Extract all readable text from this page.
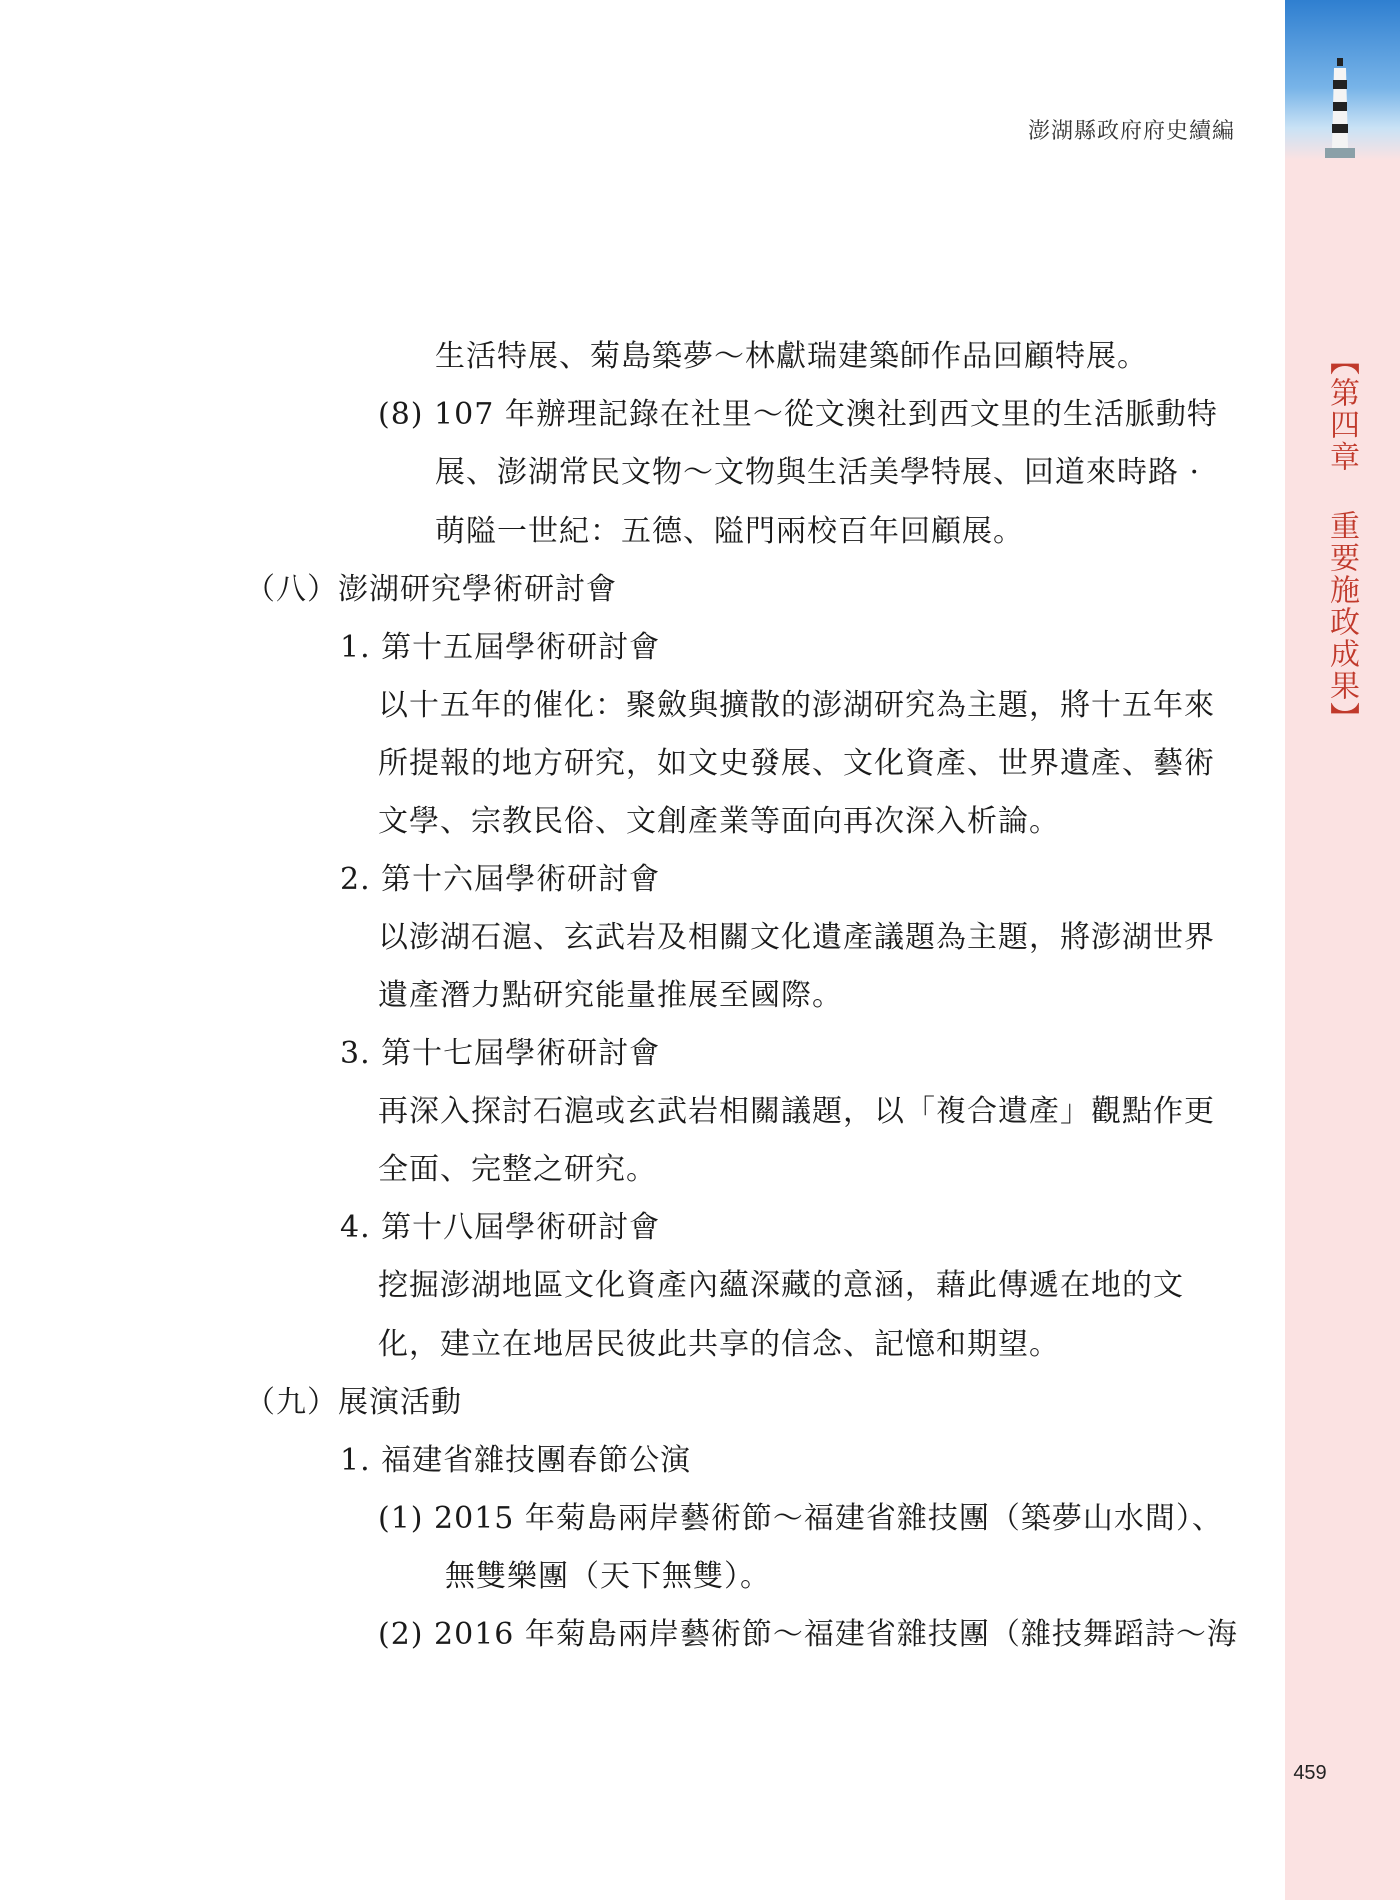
澎湖縣政府府史續編
【第四章 重要施政成果】
生活特展、菊島築夢～林獻瑞建築師作品回顧特展。
(8) 107 年辦理記錄在社里～從文澳社到西文里的生活脈動特
展、澎湖常民文物～文物與生活美學特展、回道來時路 ·
萌隘一世紀：五德、隘門兩校百年回顧展。
（八）澎湖研究學術研討會
1. 第十五屆學術研討會
以十五年的催化：聚斂與擴散的澎湖研究為主題，將十五年來
所提報的地方研究，如文史發展、文化資產、世界遺產、藝術
文學、宗教民俗、文創產業等面向再次深入析論。
2. 第十六屆學術研討會
以澎湖石滬、玄武岩及相關文化遺產議題為主題，將澎湖世界
遺產潛力點研究能量推展至國際。
3. 第十七屆學術研討會
再深入探討石滬或玄武岩相關議題，以「複合遺產」觀點作更
全面、完整之研究。
4. 第十八屆學術研討會
挖掘澎湖地區文化資產內蘊深藏的意涵，藉此傳遞在地的文
化，建立在地居民彼此共享的信念、記憶和期望。
（九）展演活動
1. 福建省雜技團春節公演
(1) 2015 年菊島兩岸藝術節～福建省雜技團（築夢山水間）、
無雙樂團（天下無雙）。
(2) 2016 年菊島兩岸藝術節～福建省雜技團（雜技舞蹈詩～海
459
